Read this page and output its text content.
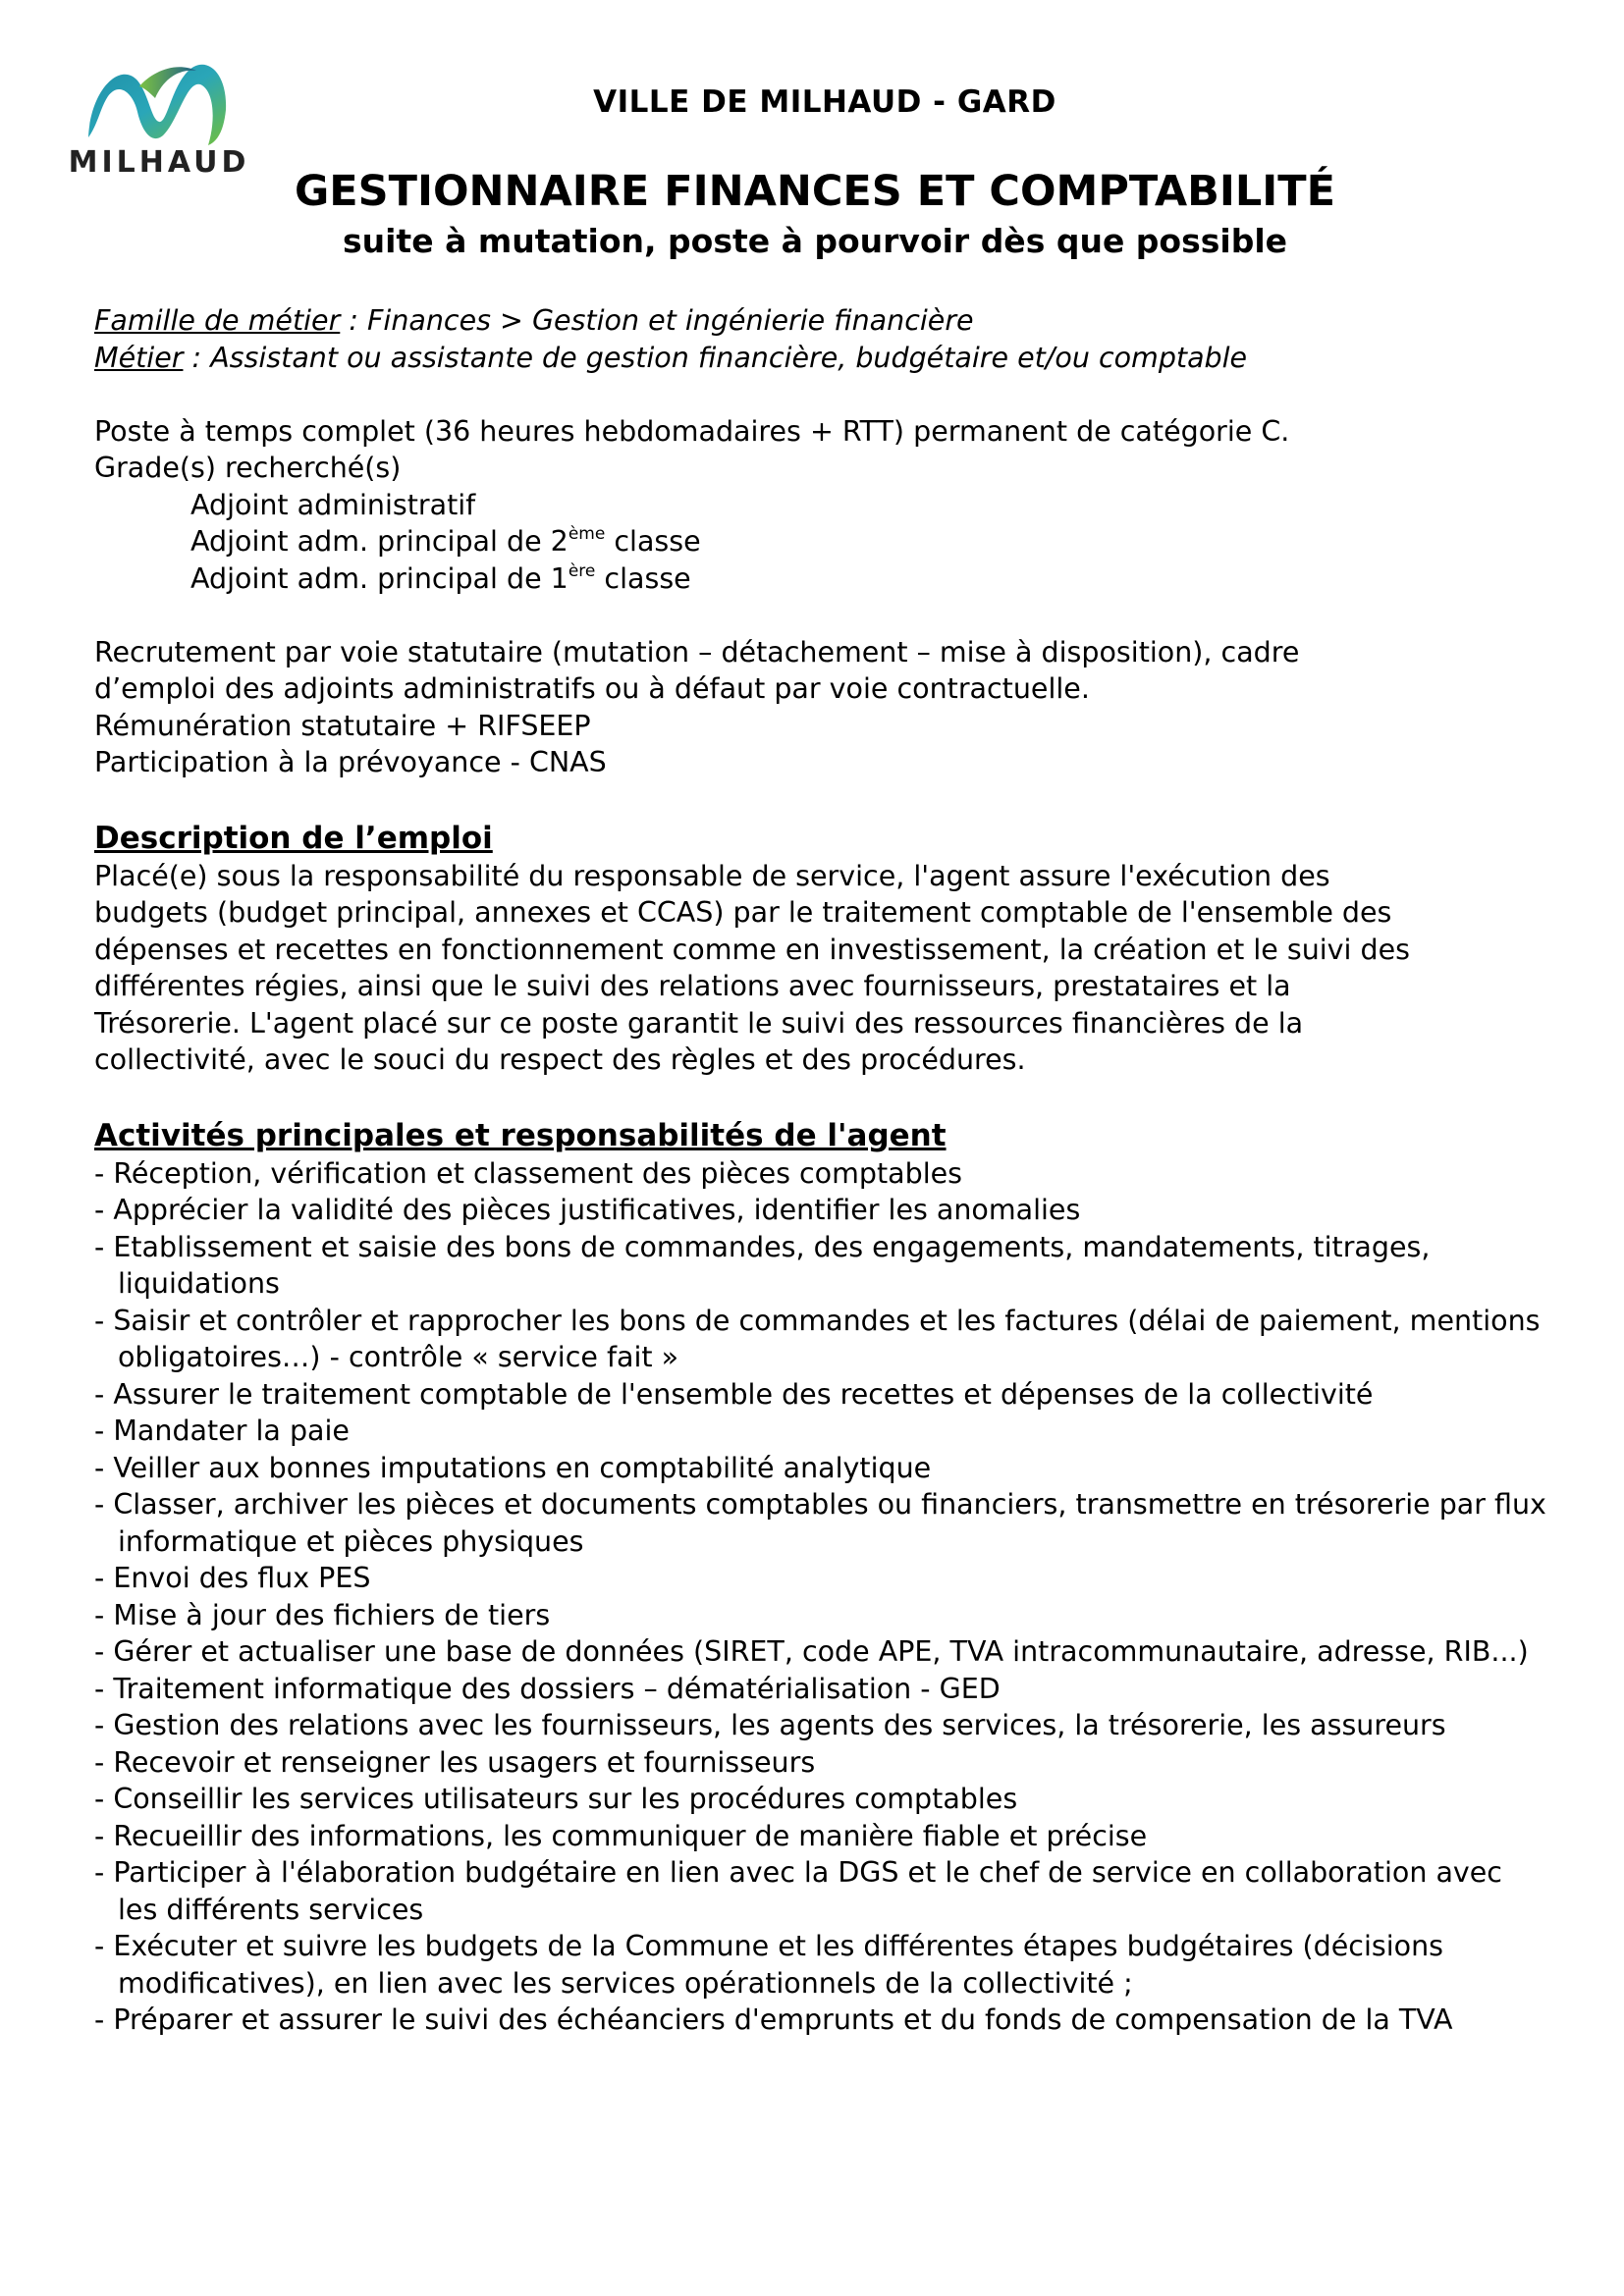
MILHAUD
VILLE DE MILHAUD - GARD
GESTIONNAIRE FINANCES ET COMPTABILITÉ
suite à mutation, poste à pourvoir dès que possible
Famille de métier : Finances > Gestion et ingénierie financière
Métier : Assistant ou assistante de gestion financière, budgétaire et/ou comptable
Poste à temps complet (36 heures hebdomadaires + RTT) permanent de catégorie C.
Grade(s) recherché(s)
Adjoint administratif
Adjoint adm. principal de 2ème classe
Adjoint adm. principal de 1ère classe
Recrutement par voie statutaire (mutation – détachement – mise à disposition), cadre
d’emploi des adjoints administratifs ou à défaut par voie contractuelle.
Rémunération statutaire + RIFSEEP
Participation à la prévoyance - CNAS
Description de l’emploi
Placé(e) sous la responsabilité du responsable de service, l'agent assure l'exécution des
budgets (budget principal, annexes et CCAS) par le traitement comptable de l'ensemble des
dépenses et recettes en fonctionnement comme en investissement, la création et le suivi des
différentes régies, ainsi que le suivi des relations avec fournisseurs, prestataires et la
Trésorerie. L'agent placé sur ce poste garantit le suivi des ressources financières de la
collectivité, avec le souci du respect des règles et des procédures.
Activités principales et responsabilités de l'agent
- Réception, vérification et classement des pièces comptables
- Apprécier la validité des pièces justificatives, identifier les anomalies
- Etablissement et saisie des bons de commandes, des engagements, mandatements, titrages, liquidations
- Saisir et contrôler et rapprocher les bons de commandes et les factures (délai de paiement, mentions obligatoires…) - contrôle « service fait »
- Assurer le traitement comptable de l'ensemble des recettes et dépenses de la collectivité
- Mandater la paie
- Veiller aux bonnes imputations en comptabilité analytique
- Classer, archiver les pièces et documents comptables ou financiers, transmettre en trésorerie par flux informatique et pièces physiques
- Envoi des flux PES
- Mise à jour des fichiers de tiers
- Gérer et actualiser une base de données (SIRET, code APE, TVA intracommunautaire, adresse, RIB...)
- Traitement informatique des dossiers – dématérialisation - GED
- Gestion des relations avec les fournisseurs, les agents des services, la trésorerie, les assureurs
- Recevoir et renseigner les usagers et fournisseurs
- Conseillir les services utilisateurs sur les procédures comptables
- Recueillir des informations, les communiquer de manière fiable et précise
- Participer à l'élaboration budgétaire en lien avec la DGS et le chef de service en collaboration avec les différents services
- Exécuter et suivre les budgets de la Commune et les différentes étapes budgétaires (décisions modificatives), en lien avec les services opérationnels de la collectivité ;
- Préparer et assurer le suivi des échéanciers d'emprunts et du fonds de compensation de la TVA
